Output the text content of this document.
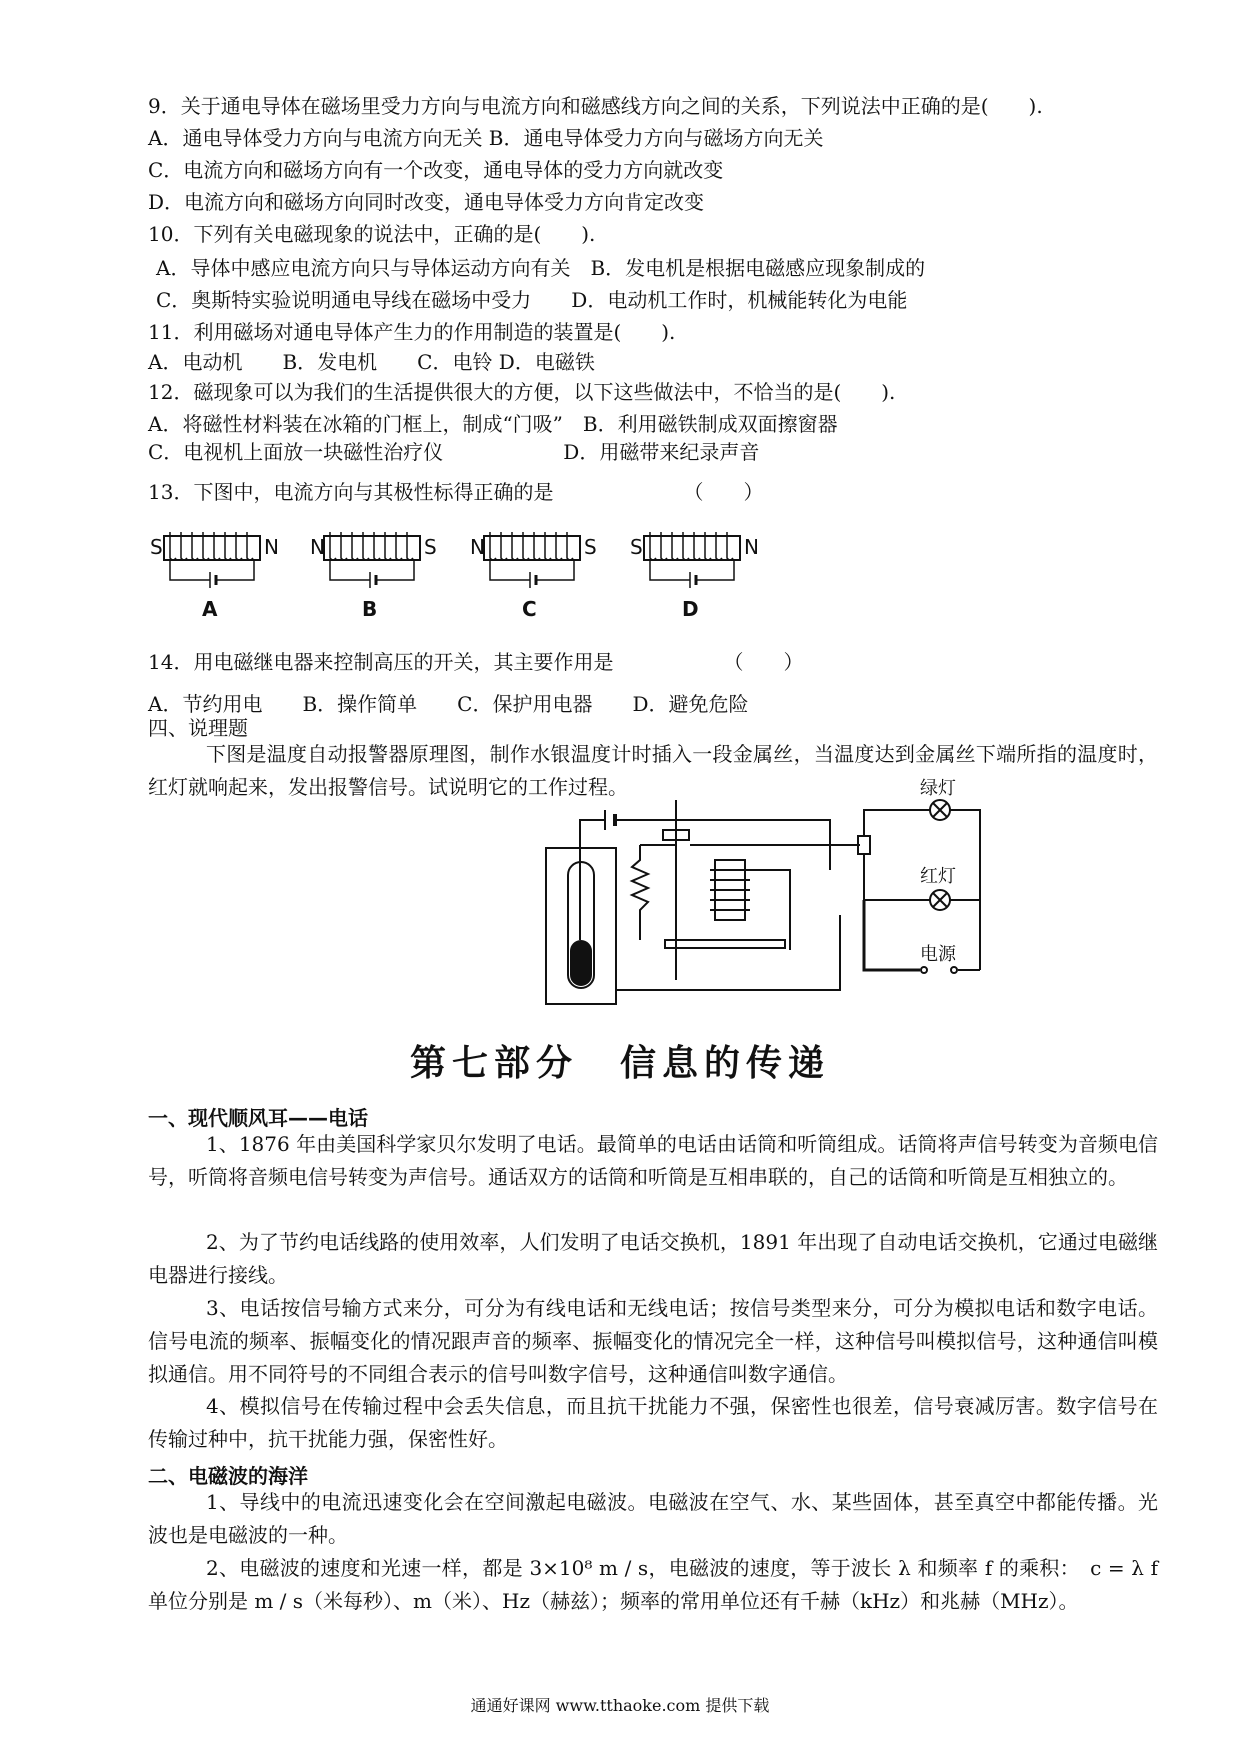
9．关于通电导体在磁场里受力方向与电流方向和磁感线方向之间的关系，下列说法中正确的是(　　).
A．通电导体受力方向与电流方向无关 B．通电导体受力方向与磁场方向无关
C．电流方向和磁场方向有一个改变，通电导体的受力方向就改变
D．电流方向和磁场方向同时改变，通电导体受力方向肯定改变
10．下列有关电磁现象的说法中，正确的是(　　).
A．导体中感应电流方向只与导体运动方向有关　B．发电机是根据电磁感应现象制成的
C．奥斯特实验说明通电导线在磁场中受力　　D．电动机工作时，机械能转化为电能
11．利用磁场对通电导体产生力的作用制造的装置是(　　).
A．电动机　　B．发电机　　C．电铃 D．电磁铁
12．磁现象可以为我们的生活提供很大的方便，以下这些做法中，不恰当的是(　　).
A．将磁性材料装在冰箱的门框上，制成“门吸”　B．利用磁铁制成双面擦窗器
C．电视机上面放一块磁性治疗仪　　　　　　D．用磁带来纪录声音
13．下图中，电流方向与其极性标得正确的是　　　　　　　（　　）
S	N
A
N	S
B
N	S
C
S	N
D
14．用电磁继电器来控制高压的开关，其主要作用是　　　　　　（　　）
A．节约用电　　B．操作简单　　C．保护用电器　　D．避免危险
四、说理题
下图是温度自动报警器原理图，制作水银温度计时插入一段金属丝，当温度达到金属丝下端所指的温度时，红灯就响起来，发出报警信号。试说明它的工作过程。	绿灯
红灯
电源
第七部分　信息的传递
一、现代顺风耳——电话
1、1876 年由美国科学家贝尔发明了电话。最简单的电话由话筒和听筒组成。话筒将声信号转变为音频电信号，听筒将音频电信号转变为声信号。通话双方的话筒和听筒是互相串联的，自己的话筒和听筒是互相独立的。
2、为了节约电话线路的使用效率，人们发明了电话交换机，1891 年出现了自动电话交换机，它通过电磁继电器进行接线。
3、电话按信号输方式来分，可分为有线电话和无线电话；按信号类型来分，可分为模拟电话和数字电话。信号电流的频率、振幅变化的情况跟声音的频率、振幅变化的情况完全一样，这种信号叫模拟信号，这种通信叫模拟通信。用不同符号的不同组合表示的信号叫数字信号，这种通信叫数字通信。
4、模拟信号在传输过程中会丢失信息，而且抗干扰能力不强，保密性也很差，信号衰减厉害。数字信号在传输过种中，抗干扰能力强，保密性好。
二、电磁波的海洋
1、导线中的电流迅速变化会在空间激起电磁波。电磁波在空气、水、某些固体，甚至真空中都能传播。光波也是电磁波的一种。
2、电磁波的速度和光速一样，都是 3×10⁸ m / s，电磁波的速度，等于波长 λ 和频率 f 的乘积：　c = λ f　 单位分别是 m / s（米每秒）、m（米）、Hz（赫兹）；频率的常用单位还有千赫（kHz）和兆赫（MHz）。
通通好课网 www.tthaoke.com 提供下载
